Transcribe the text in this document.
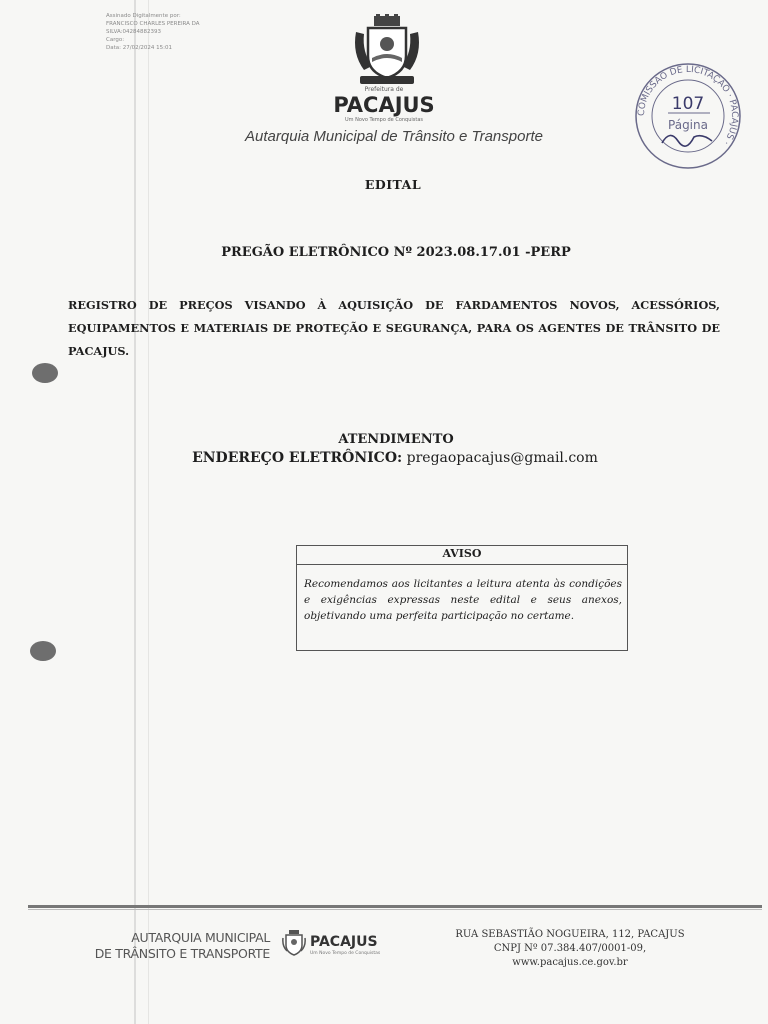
Assinado Digitalmente por:
FRANCISCO CHARLES PEREIRA DA
SILVA:04284882393
Cargo:
Data: 27/02/2024 15:01
Prefeitura de
PACAJUS
Um Novo Tempo de Conquistas
Autarquia Municipal de Trânsito e Transporte
COMISSÃO DE LICITAÇÃO · PACAJUS ·
107
Página
EDITAL
PREGÃO ELETRÔNICO Nº 2023.08.17.01 -PERP
REGISTRO DE PREÇOS VISANDO À AQUISIÇÃO DE FARDAMENTOS NOVOS, ACESSÓRIOS, EQUIPAMENTOS E MATERIAIS DE PROTEÇÃO E SEGURANÇA, PARA OS AGENTES DE TRÂNSITO DE PACAJUS.
ATENDIMENTO
ENDEREÇO ELETRÔNICO: pregaopacajus@gmail.com
AVISO
Recomendamos aos licitantes a leitura atenta às condições e exigências expressas neste edital e seus anexos, objetivando uma perfeita participação no certame.
AUTARQUIA MUNICIPAL
DE TRÂNSITO E TRANSPORTE
PACAJUS
Um Novo Tempo de Conquistas
RUA SEBASTIÃO NOGUEIRA, 112, PACAJUS
CNPJ Nº 07.384.407/0001-09,
www.pacajus.ce.gov.br
